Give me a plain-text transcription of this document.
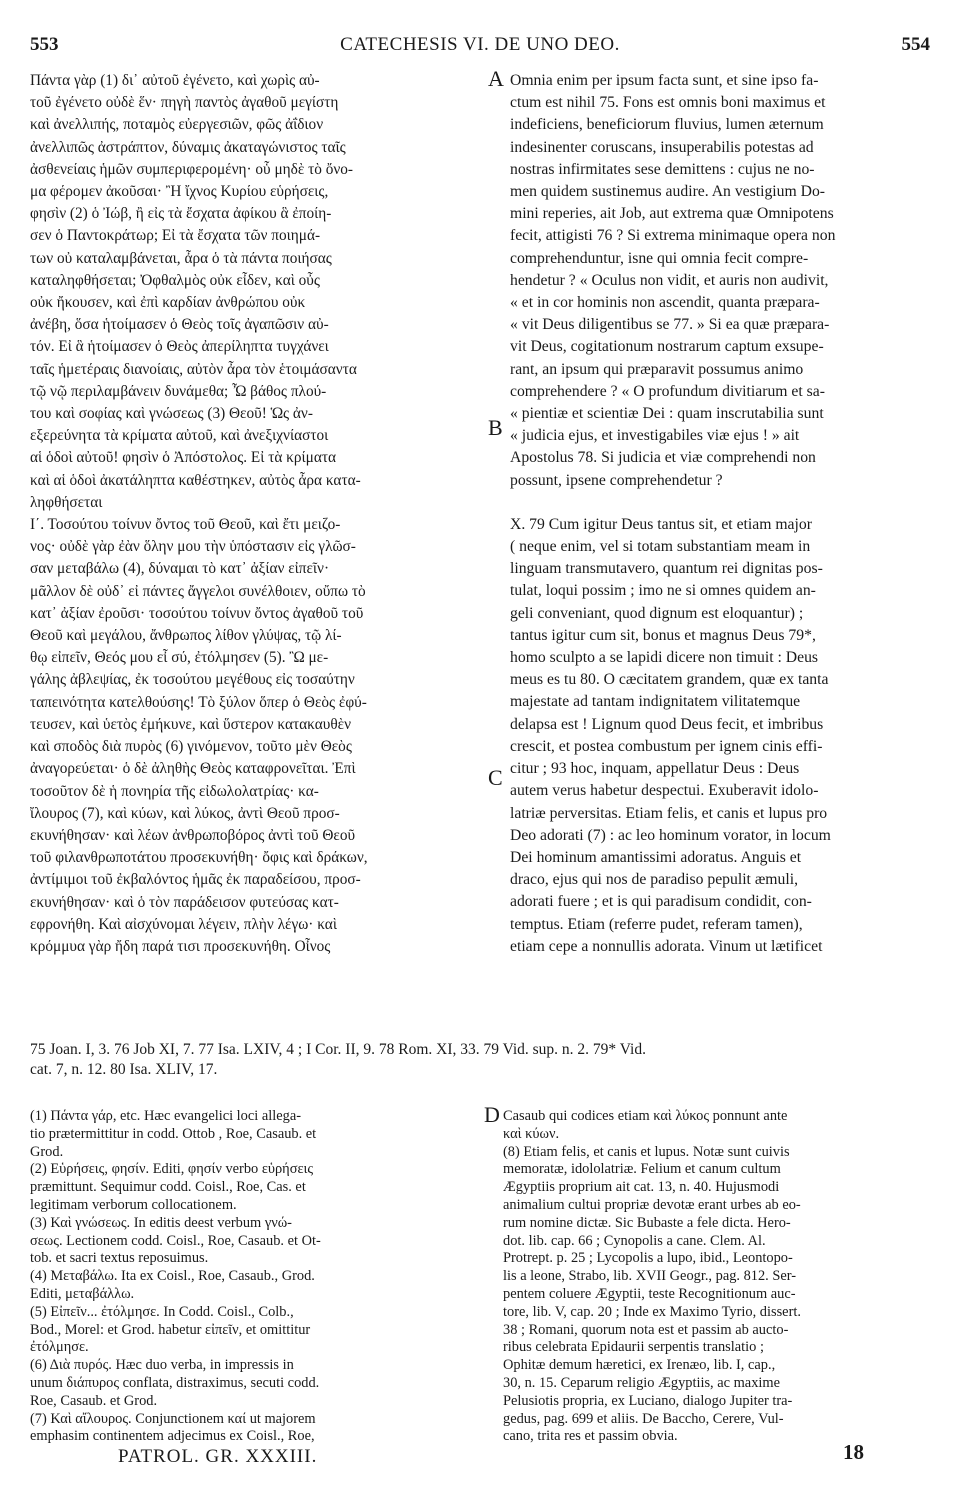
553	CATECHESIS VI. DE UNO DEO.	554
Πάντα γὰρ (1) δι᾽ αὐτοῦ ἐγένετο, καὶ χωρὶς αὐ-
τοῦ ἐγένετο οὐδὲ ἕν· πηγὴ παντὸς ἀγαθοῦ μεγίστη
καὶ ἀνελλιπής, ποταμὸς εὐεργεσιῶν, φῶς ἀΐδιον
ἀνελλιπῶς ἀστράπτον, δύναμις ἀκαταγώνιστος ταῖς
ἀσθενείαις ἡμῶν συμπεριφερομένη· οὗ μηδὲ τὸ ὄνο-
μα φέρομεν ἀκοῦσαι· Ἢ ἴχνος Κυρίου εὑρήσεις,
φησὶν (2) ὁ Ἰώβ, ἢ εἰς τὰ ἔσχατα ἀφίκου ἃ ἐποίη-
σεν ὁ Παντοκράτωρ; Εἰ τὰ ἔσχατα τῶν ποιημά-
των οὐ καταλαμβάνεται, ἆρα ὁ τὰ πάντα ποιήσας
καταληφθήσεται; Ὀφθαλμὸς οὐκ εἶδεν, καὶ οὖς
οὐκ ἤκουσεν, καὶ ἐπὶ καρδίαν ἀνθρώπου οὐκ
ἀνέβη, ὅσα ἡτοίμασεν ὁ Θεὸς τοῖς ἀγαπῶσιν αὐ-
τόν. Εἰ ἃ ἡτοίμασεν ὁ Θεὸς ἀπερίληπτα τυγχάνει
ταῖς ἡμετέραις διανοίαις, αὐτὸν ἆρα τὸν ἑτοιμάσαντα
τῷ νῷ περιλαμβάνειν δυνάμεθα; Ὦ βάθος πλού-
του καὶ σοφίας καὶ γνώσεως (3) Θεοῦ! Ὡς ἀν-
εξερεύνητα τὰ κρίματα αὐτοῦ, καὶ ἀνεξιχνίαστοι
αἱ ὁδοὶ αὐτοῦ! φησὶν ὁ Ἀπόστολος. Εἰ τὰ κρίματα
καὶ αἱ ὁδοὶ ἀκατάληπτα καθέστηκεν, αὐτὸς ἆρα κατα-
ληφθήσεται
Ι΄. Τοσούτου τοίνυν ὄντος τοῦ Θεοῦ, καὶ ἔτι μειζο-
νος· οὐδὲ γὰρ ἐὰν ὅλην μου τὴν ὑπόστασιν εἰς γλῶσ-
σαν μεταβάλω (4), δύναμαι τὸ κατ᾽ ἀξίαν εἰπεῖν·
μᾶλλον δὲ οὐδ᾽ εἰ πάντες ἄγγελοι συνέλθοιεν, οὔπω τὸ
κατ᾽ ἀξίαν ἐροῦσι· τοσούτου τοίνυν ὄντος ἀγαθοῦ τοῦ
Θεοῦ καὶ μεγάλου, ἄνθρωπος λίθον γλύψας, τῷ λί-
θῳ εἰπεῖν, Θεός μου εἶ σύ, ἐτόλμησεν (5). Ὢ με-
γάλης ἀβλεψίας, ἐκ τοσούτου μεγέθους εἰς τοσαύτην
ταπεινότητα κατελθούσης! Τὸ ξύλον ὅπερ ὁ Θεὸς ἐφύ-
τευσεν, καὶ ὑετὸς ἐμήκυνε, καὶ ὕστερον κατακαυθὲν
καὶ σποδὸς διὰ πυρὸς (6) γινόμενον, τοῦτο μὲν Θεὸς
ἀναγορεύεται· ὁ δὲ ἀληθὴς Θεὸς καταφρονεῖται. Ἐπὶ
τοσοῦτον δὲ ἡ πονηρία τῆς εἰδωλολατρίας· κα-
ἴλουρος (7), καὶ κύων, καὶ λύκος, ἀντὶ Θεοῦ προσ-
εκυνήθησαν· καὶ λέων ἀνθρωποβόρος ἀντὶ τοῦ Θεοῦ
τοῦ φιλανθρωποτάτου προσεκυνήθη· ὄφις καὶ δράκων,
ἀντίμιμοι τοῦ ἐκβαλόντος ἡμᾶς ἐκ παραδείσου, προσ-
εκυνήθησαν· καὶ ὁ τὸν παράδεισον φυτεύσας κατ-
εφρονήθη. Καὶ αἰσχύνομαι λέγειν, πλὴν λέγω· καὶ
κρόμμυα γὰρ ἤδη παρά τισι προσεκυνήθη. Οἶνος
A
B
C
D
Omnia enim per ipsum facta sunt, et sine ipso fa-
ctum est nihil 75. Fons est omnis boni maximus et
indeficiens, beneficiorum fluvius, lumen æternum
indesinenter coruscans, insuperabilis potestas ad
nostras infirmitates sese demittens : cujus ne no-
men quidem sustinemus audire. An vestigium Do-
mini reperies, ait Job, aut extrema quæ Omnipotens
fecit, attigisti 76 ? Si extrema minimaque opera non
comprehenduntur, isne qui omnia fecit compre-
hendetur ? « Oculus non vidit, et auris non audivit,
« et in cor hominis non ascendit, quanta præpara-
« vit Deus diligentibus se 77. » Si ea quæ præpara-
vit Deus, cogitationum nostrarum captum exsupe-
rant, an ipsum qui præparavit possumus animo
comprehendere ? « O profundum divitiarum et sa-
« pientiæ et scientiæ Dei : quam inscrutabilia sunt
« judicia ejus, et investigabiles viæ ejus ! » ait
Apostolus 78. Si judicia et viæ comprehendi non
possunt, ipsene comprehendetur ?
X. 79 Cum igitur Deus tantus sit, et etiam major
( neque enim, vel si totam substantiam meam in
linguam transmutavero, quantum rei dignitas pos-
tulat, loqui possim ; imo ne si omnes quidem an-
geli conveniant, quod dignum est eloquantur) ;
tantus igitur cum sit, bonus et magnus Deus 79*,
homo sculpto a se lapidi dicere non timuit : Deus
meus es tu 80. O cæcitatem grandem, quæ ex tanta
majestate ad tantam indignitatem vilitatemque
delapsa est ! Lignum quod Deus fecit, et imbribus
crescit, et postea combustum per ignem cinis effi-
citur ; 93 hoc, inquam, appellatur Deus : Deus
autem verus habetur despectui. Exuberavit idolo-
latriæ perversitas. Etiam felis, et canis et lupus pro
Deo adorati (7) : ac leo hominum vorator, in locum
Dei hominum amantissimi adoratus. Anguis et
draco, ejus qui nos de paradiso pepulit æmuli,
adorati fuere ; et is qui paradisum condidit, con-
temptus. Etiam (referre pudet, referam tamen),
etiam cepe a nonnullis adorata. Vinum ut lætificet
75 Joan. I, 3. 76 Job XI, 7. 77 Isa. LXIV, 4 ; I Cor. II, 9. 78 Rom. XI, 33. 79 Vid. sup. n. 2. 79* Vid.
cat. 7, n. 12. 80 Isa. XLIV, 17.
(1) Πάντα γάρ, etc. Hæc evangelici loci allega-
tio prætermittitur in codd. Ottob , Roe, Casaub. et
Grod.
(2) Εὑρήσεις, φησίν. Editi, φησίν verbo εὑρήσεις
præmittunt. Sequimur codd. Coisl., Roe, Cas. et
legitimam verborum collocationem.
(3) Καὶ γνώσεως. In editis deest verbum γνώ-
σεως. Lectionem codd. Coisl., Roe, Casaub. et Ot-
tob. et sacri textus reposuimus.
(4) Μεταβάλω. Ita ex Coisl., Roe, Casaub., Grod.
Editi, μεταβάλλω.
(5) Εἰπεῖν... ἐτόλμησε. In Codd. Coisl., Colb.,
Bod., Morel: et Grod. habetur εἰπεῖν, et omittitur
ἐτόλμησε.
(6) Διὰ πυρός. Hæc duo verba, in impressis in
unum διάπυρος conflata, distraximus, secuti codd.
Roe, Casaub. et Grod.
(7) Καὶ αἴλουρος. Conjunctionem καί ut majorem
emphasim continentem adjecimus ex Coisl., Roe,
Casaub qui codices etiam καὶ λύκος ponnunt ante
καὶ κύων.
(8) Etiam felis, et canis et lupus. Notæ sunt cuivis
memoratæ, idololatriæ. Felium et canum cultum
Ægyptiis proprium ait cat. 13, n. 40. Hujusmodi
animalium cultui propriæ devotæ erant urbes ab eo-
rum nomine dictæ. Sic Bubaste a fele dicta. Hero-
dot. lib. cap. 66 ; Cynopolis a cane. Clem. Al.
Protrept. p. 25 ; Lycopolis a lupo, ibid., Leontopo-
lis a leone, Strabo, lib. XVII Geogr., pag. 812. Ser-
pentem coluere Ægyptii, teste Recognitionum auc-
tore, lib. V, cap. 20 ; Inde ex Maximo Tyrio, dissert.
38 ; Romani, quorum nota est et passim ab aucto-
ribus celebrata Epidaurii serpentis translatio ;
Ophitæ demum hæretici, ex Irenæo, lib. I, cap.,
30, n. 15. Ceparum religio Ægyptiis, ac maxime
Pelusiotis propria, ex Luciano, dialogo Jupiter tra-
gedus, pag. 699 et aliis. De Baccho, Cerere, Vul-
cano, trita res et passim obvia.
PATROL. GR. XXXIII.	18
